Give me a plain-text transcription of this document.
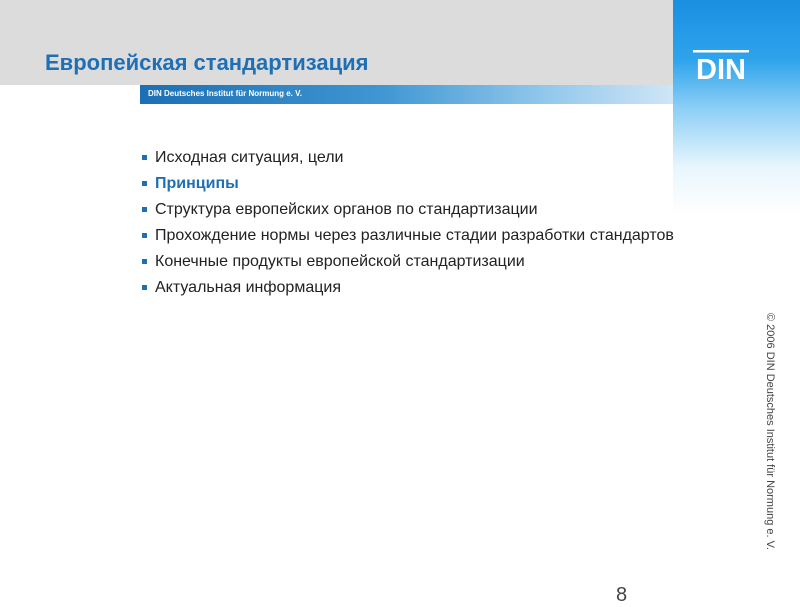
Европейская стандартизация
DIN Deutsches Institut für Normung e. V.
DIN
© 2006 DIN Deutsches Institut für Normung e. V.
Исходная ситуация, цели
Принципы
Структура европейских органов по стандартизации
Прохождение нормы через различные стадии разработки стандартов
Конечные продукты европейской стандартизации
Актуальная информация
8
